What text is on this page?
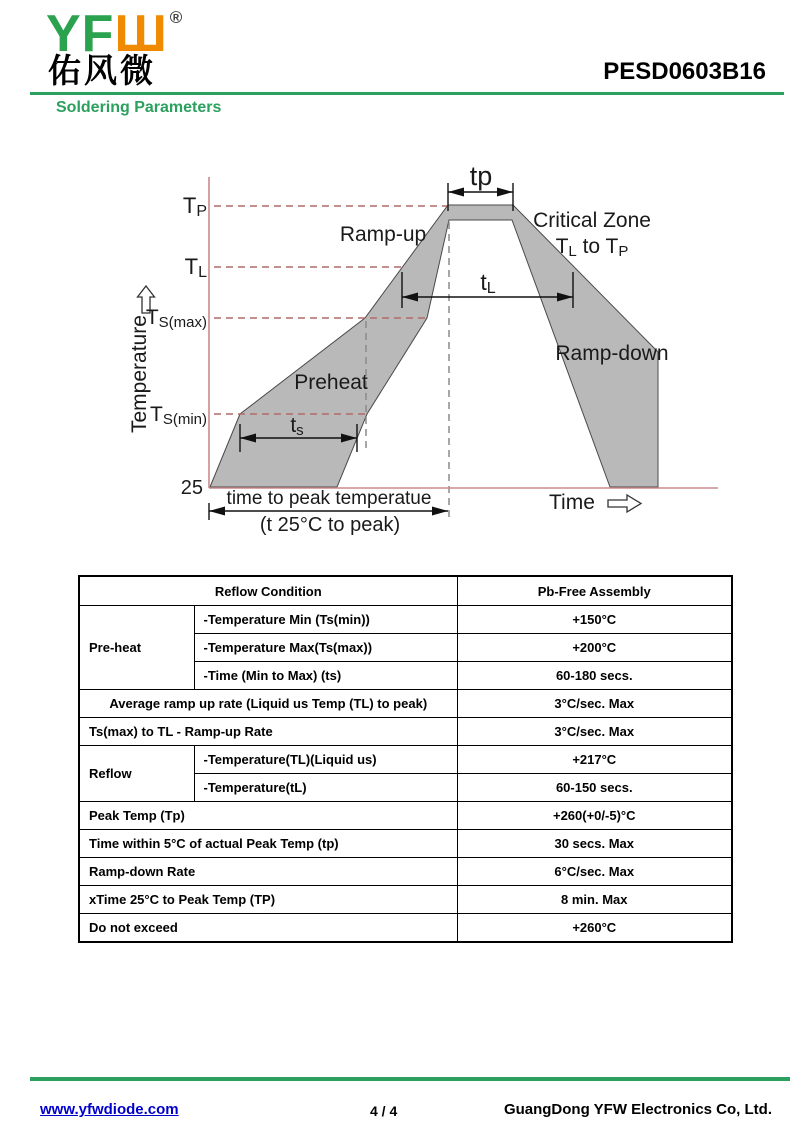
YFШ ®
佑风微	PESD0603B16
Soldering Parameters
TP
TL
TS(max)
TS(min)
25
tp
Ramp-up
Critical Zone
TL to TP
tL
Ramp-down
Preheat
ts
Time
Temperature
time to peak temperatue
(t 25°C to peak)
Reflow Condition		Pb-Free Assembly
Pre-heat	-Temperature Min (Ts(min))	+150°C
	-Temperature Max(Ts(max))	+200°C
	-Time (Min to Max) (ts)	60-180 secs.
Average ramp up rate (Liquid us Temp (TL) to peak)		3°C/sec. Max
Ts(max) to TL - Ramp-up Rate		3°C/sec. Max
Reflow	-Temperature(TL)(Liquid us)	+217°C
	-Temperature(tL)	60-150 secs.
Peak Temp (Tp)		+260(+0/-5)°C
Time within 5°C of actual Peak Temp (tp)		30 secs. Max
Ramp-down Rate		6°C/sec. Max
xTime 25°C to Peak Temp (TP)		8 min. Max
Do not exceed		+260°C
www.yfwdiode.com	4 / 4	GuangDong YFW Electronics Co, Ltd.
